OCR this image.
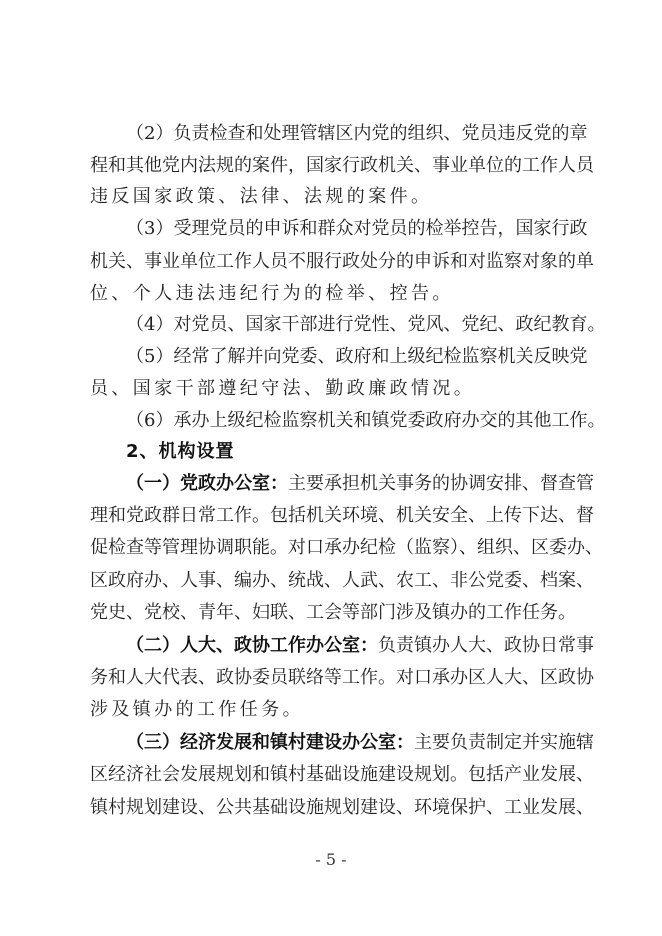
（2）负责检查和处理管辖区内党的组织、党员违反党的章
程和其他党内法规的案件，国家行政机关、事业单位的工作人员
违反国家政策、法律、法规的案件。
（3）受理党员的申诉和群众对党员的检举控告，国家行政
机关、事业单位工作人员不服行政处分的申诉和对监察对象的单
位、个人违法违纪行为的检举、控告。
（4）对党员、国家干部进行党性、党风、党纪、政纪教育。
（5）经常了解并向党委、政府和上级纪检监察机关反映党
员、国家干部遵纪守法、勤政廉政情况。
（6）承办上级纪检监察机关和镇党委政府办交的其他工作。
2、机构设置
（一）党政办公室：主要承担机关事务的协调安排、督查管
理和党政群日常工作。包括机关环境、机关安全、上传下达、督
促检查等管理协调职能。对口承办纪检（监察）、组织、区委办、
区政府办、人事、编办、统战、人武、农工、非公党委、档案、
党史、党校、青年、妇联、工会等部门涉及镇办的工作任务。
（二）人大、政协工作办公室：负责镇办人大、政协日常事
务和人大代表、政协委员联络等工作。对口承办区人大、区政协
涉及镇办的工作任务。
（三）经济发展和镇村建设办公室：主要负责制定并实施辖
区经济社会发展规划和镇村基础设施建设规划。包括产业发展、
镇村规划建设、公共基础设施规划建设、环境保护、工业发展、
- 5 -
